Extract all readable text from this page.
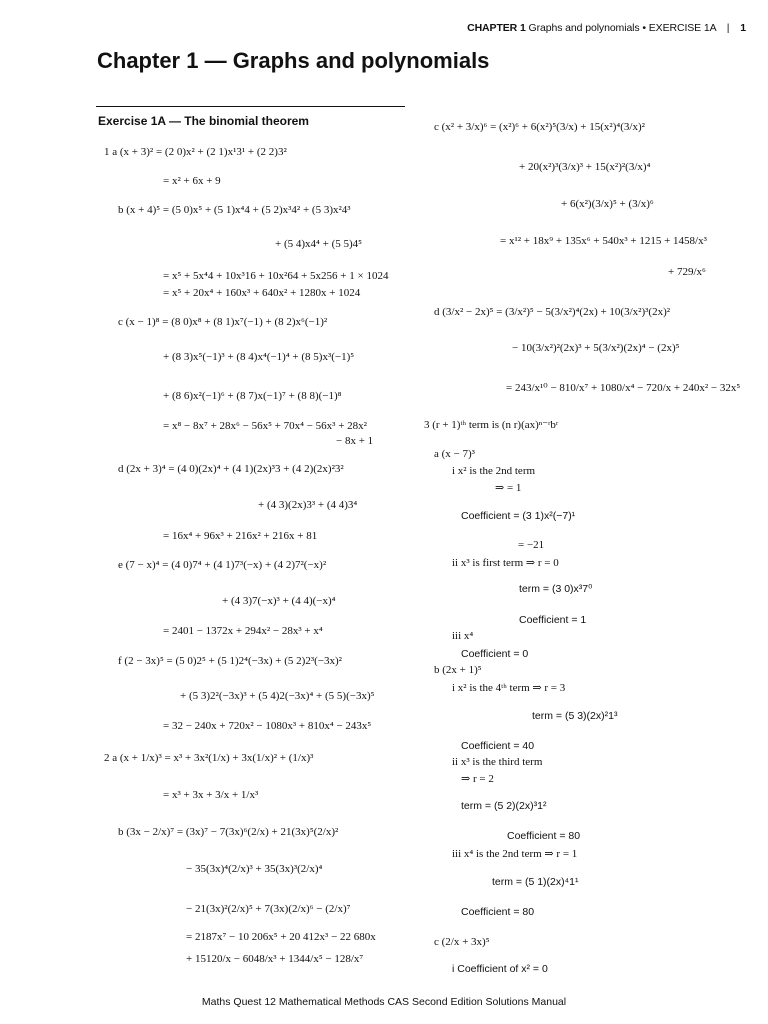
CHAPTER 1 Graphs and polynomials • EXERCISE 1A | 1
Chapter 1 — Graphs and polynomials
Exercise 1A — The binomial theorem
1 a (x + 3)² = (2 0)x² + (2 1)x¹3¹ + (2 2)3²
= x² + 6x + 9
b (x + 4)⁵ = (5 0)x⁵ + (5 1)x⁴4 + (5 2)x³4² + (5 3)x²4³
+ (5 4)x4⁴ + (5 5)4⁵
= x⁵ + 5x⁴4 + 10x³16 + 10x²64 + 5x256 + 1 × 1024
= x⁵ + 20x⁴ + 160x³ + 640x² + 1280x + 1024
c (x − 1)⁸ = (8 0)x⁸ + (8 1)x⁷(−1) + (8 2)x⁶(−1)²
+ (8 3)x⁵(−1)³ + (8 4)x⁴(−1)⁴ + (8 5)x³(−1)⁵
+ (8 6)x²(−1)⁶ + (8 7)x(−1)⁷ + (8 8)(−1)⁸
= x⁸ − 8x⁷ + 28x⁶ − 56x⁵ + 70x⁴ − 56x³ + 28x²
− 8x + 1
d (2x + 3)⁴ = (4 0)(2x)⁴ + (4 1)(2x)³3 + (4 2)(2x)²3²
+ (4 3)(2x)3³ + (4 4)3⁴
= 16x⁴ + 96x³ + 216x² + 216x + 81
e (7 − x)⁴ = (4 0)7⁴ + (4 1)7³(−x) + (4 2)7²(−x)²
+ (4 3)7(−x)³ + (4 4)(−x)⁴
= 2401 − 1372x + 294x² − 28x³ + x⁴
f (2 − 3x)⁵ = (5 0)2⁵ + (5 1)2⁴(−3x) + (5 2)2³(−3x)²
+ (5 3)2²(−3x)³ + (5 4)2(−3x)⁴ + (5 5)(−3x)⁵
= 32 − 240x + 720x² − 1080x³ + 810x⁴ − 243x⁵
2 a (x + 1/x)³ = x³ + 3x²(1/x) + 3x(1/x)² + (1/x)³
= x³ + 3x + 3/x + 1/x³
b (3x − 2/x)⁷ = (3x)⁷ − 7(3x)⁶(2/x) + 21(3x)⁵(2/x)²
− 35(3x)⁴(2/x)³ + 35(3x)³(2/x)⁴
− 21(3x)²(2/x)⁵ + 7(3x)(2/x)⁶ − (2/x)⁷
= 2187x⁷ − 10 206x⁵ + 20 412x³ − 22 680x
+ 15120/x − 6048/x³ + 1344/x⁵ − 128/x⁷
c (x² + 3/x)⁶ = (x²)⁶ + 6(x²)⁵(3/x) + 15(x²)⁴(3/x)²
+ 20(x²)³(3/x)³ + 15(x²)²(3/x)⁴
+ 6(x²)(3/x)⁵ + (3/x)⁶
= x¹² + 18x⁹ + 135x⁶ + 540x³ + 1215 + 1458/x³
+ 729/x⁶
d (3/x² − 2x)⁵ = (3/x²)⁵ − 5(3/x²)⁴(2x) + 10(3/x²)³(2x)²
− 10(3/x²)²(2x)³ + 5(3/x²)(2x)⁴ − (2x)⁵
= 243/x¹⁰ − 810/x⁷ + 1080/x⁴ − 720/x + 240x² − 32x⁵
3 (r + 1)ᵗʰ term is (n r)(ax)ⁿ⁻ʳbʳ
a (x − 7)³
i x² is the 2nd term
⇒ = 1
Coefficient = (3 1)x²(−7)¹
= −21
ii x³ is first term ⇒ r = 0
term = (3 0)x³7⁰
Coefficient = 1
iii x⁴
Coefficient = 0
b (2x + 1)⁵
i x² is the 4ᵗʰ term ⇒ r = 3
term = (5 3)(2x)²1³
Coefficient = 40
ii x³ is the third term
⇒ r = 2
term = (5 2)(2x)³1²
Coefficient = 80
iii x⁴ is the 2nd term ⇒ r = 1
term = (5 1)(2x)⁴1¹
Coefficient = 80
c (2/x + 3x)⁵
i Coefficient of x² = 0
Maths Quest 12 Mathematical Methods CAS Second Edition Solutions Manual
